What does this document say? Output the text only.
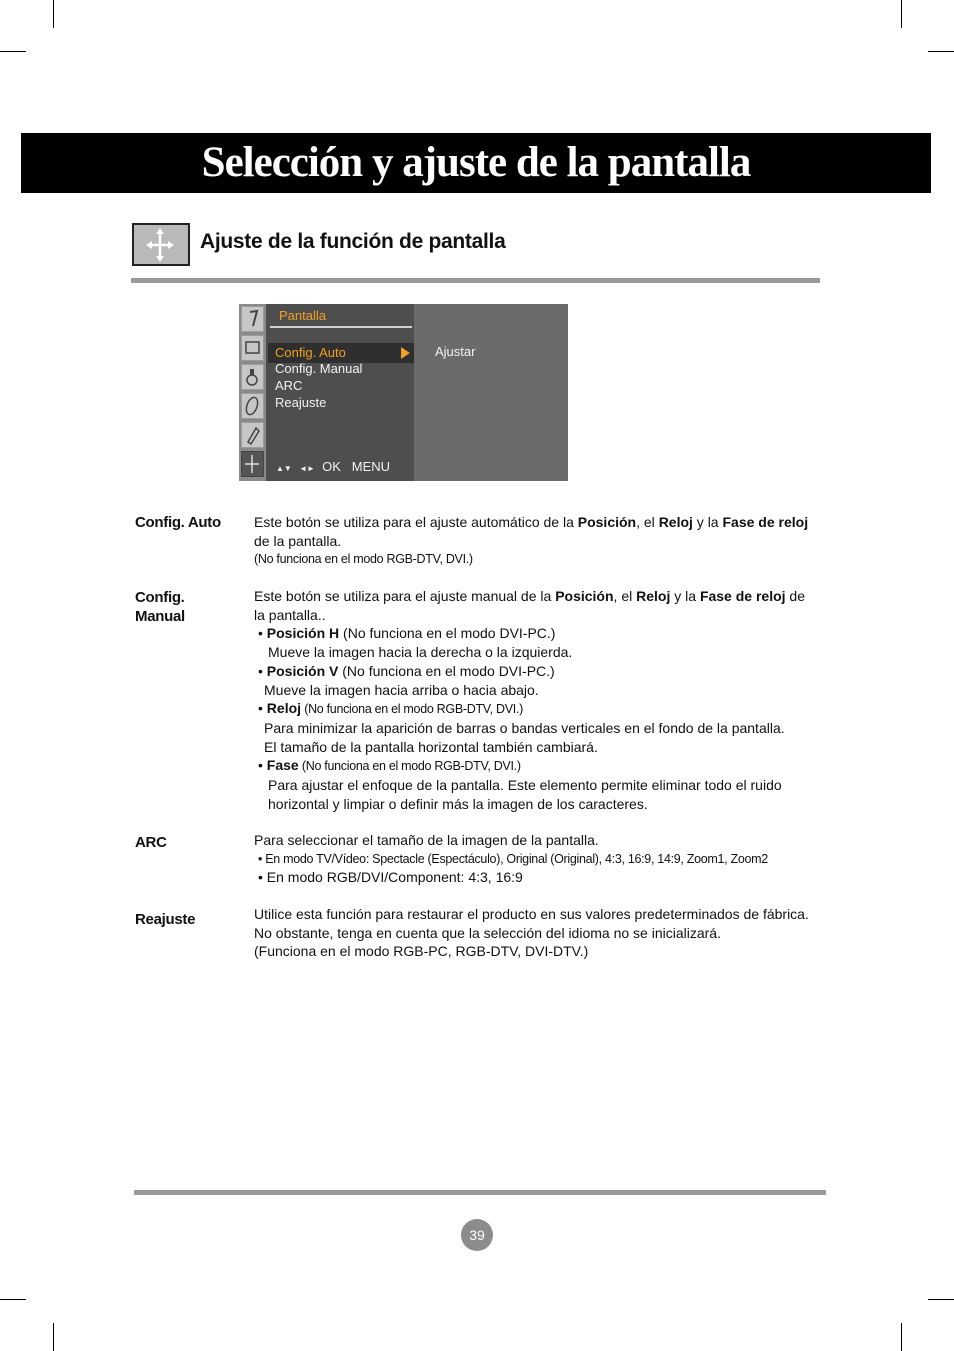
Selección y ajuste de la pantalla
Ajuste de la función de pantalla
Pantalla
Config. Auto
Config. Manual
ARC
Reajuste
▲▼ ◄► OK MENU
Ajustar
Config. Auto Este botón se utiliza para el ajuste automático de la Posición, el Reloj y la Fase de reloj

de la pantalla.

(No funciona en el modo RGB-DTV, DVI.)

Config.
Manual

Este botón se utiliza para el ajuste manual de la Posición, el Reloj y la Fase de reloj de

la pantalla..

• Posición H (No funciona en el modo DVI-PC.)

Mueve la imagen hacia la derecha o la izquierda.

• Posición V (No funciona en el modo DVI-PC.)

Mueve la imagen hacia arriba o hacia abajo.

• Reloj (No funciona en el modo RGB-DTV, DVI.)

Para minimizar la aparición de barras o bandas verticales en el fondo de la pantalla.

El tamaño de la pantalla horizontal también cambiará.

• Fase (No funciona en el modo RGB-DTV, DVI.)

Para ajustar el enfoque de la pantalla. Este elemento permite eliminar todo el ruido

horizontal y limpiar o definir más la imagen de los caracteres.

ARC	Para seleccionar el tamaño de la imagen de la pantalla.

• En modo TV/Vídeo: Spectacle (Espectáculo), Original (Original), 4:3, 16:9, 14:9, Zoom1, Zoom2

• En modo RGB/DVI/Component: 4:3, 16:9

Reajuste	Utilice esta función para restaurar el producto en sus valores predeterminados de fábrica.

No obstante, tenga en cuenta que la selección del idioma no se inicializará.

(Funciona en el modo RGB-PC, RGB-DTV, DVI-DTV.)

39
